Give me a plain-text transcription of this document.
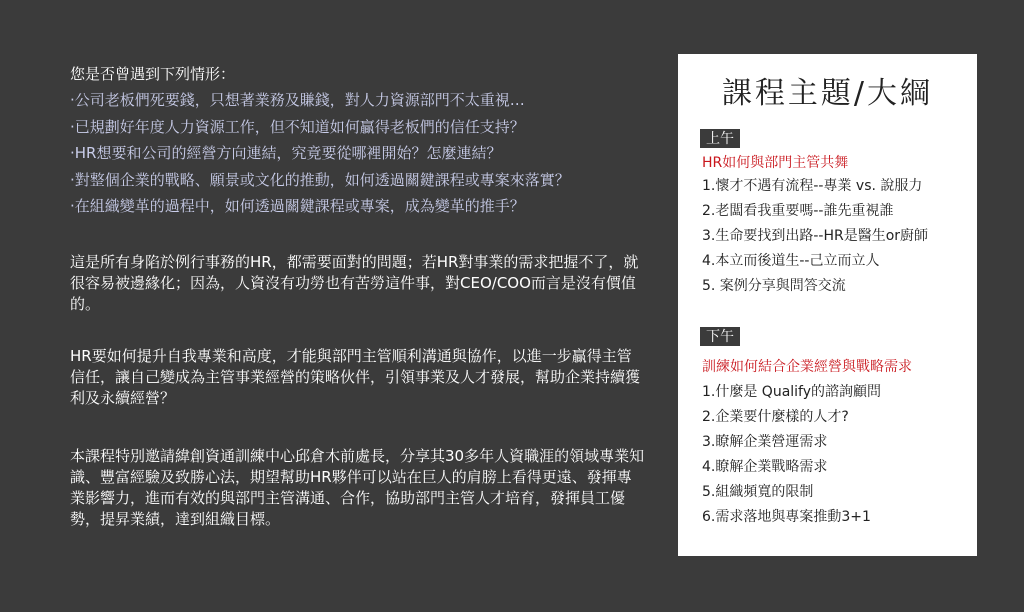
您是否曾遇到下列情形：

·公司老板們死要錢，只想著業務及賺錢，對人力資源部門不太重視…
·已規劃好年度人力資源工作，但不知道如何贏得老板們的信任支持？
·HR想要和公司的經營方向連結，究竟要從哪裡開始？怎麼連結？
·對整個企業的戰略、願景或文化的推動，如何透過關鍵課程或專案來落實？
·在組織變革的過程中，如何透過關鍵課程或專案，成為變革的推手？

這是所有身陷於例行事務的HR，都需要面對的問題；若HR對事業的需求把握不了，就很容易被邊緣化；因為，人資沒有功勞也有苦勞這件事，對CEO/COO而言是沒有價值的。

HR要如何提升自我專業和高度，才能與部門主管順利溝通與協作，以進一步贏得主管信任，讓自己變成為主管事業經營的策略伙伴，引領事業及人才發展，幫助企業持續獲利及永續經營？

本課程特別邀請緯創資通訓練中心邱倉木前處長，分享其30多年人資職涯的領域專業知識、豐富經驗及致勝心法，期望幫助HR夥伴可以站在巨人的肩膀上看得更遠、發揮專業影響力，進而有效的與部門主管溝通、合作，協助部門主管人才培育，發揮員工優勢，提昇業績，達到組織目標。

課程主題/大綱
上午
HR如何與部門主管共舞
1.懷才不遇有流程--專業 vs. 說服力
2.老闆看我重要嗎--誰先重視誰
3.生命要找到出路--HR是醫生or廚師
4.本立而後道生--己立而立人
5. 案例分享與問答交流
下午
訓練如何結合企業經營與戰略需求
1.什麼是 Qualify的諮詢顧問
2.企業要什麼樣的人才?
3.瞭解企業營運需求
4.瞭解企業戰略需求
5.組織頻寬的限制
6.需求落地與專案推動3+1
